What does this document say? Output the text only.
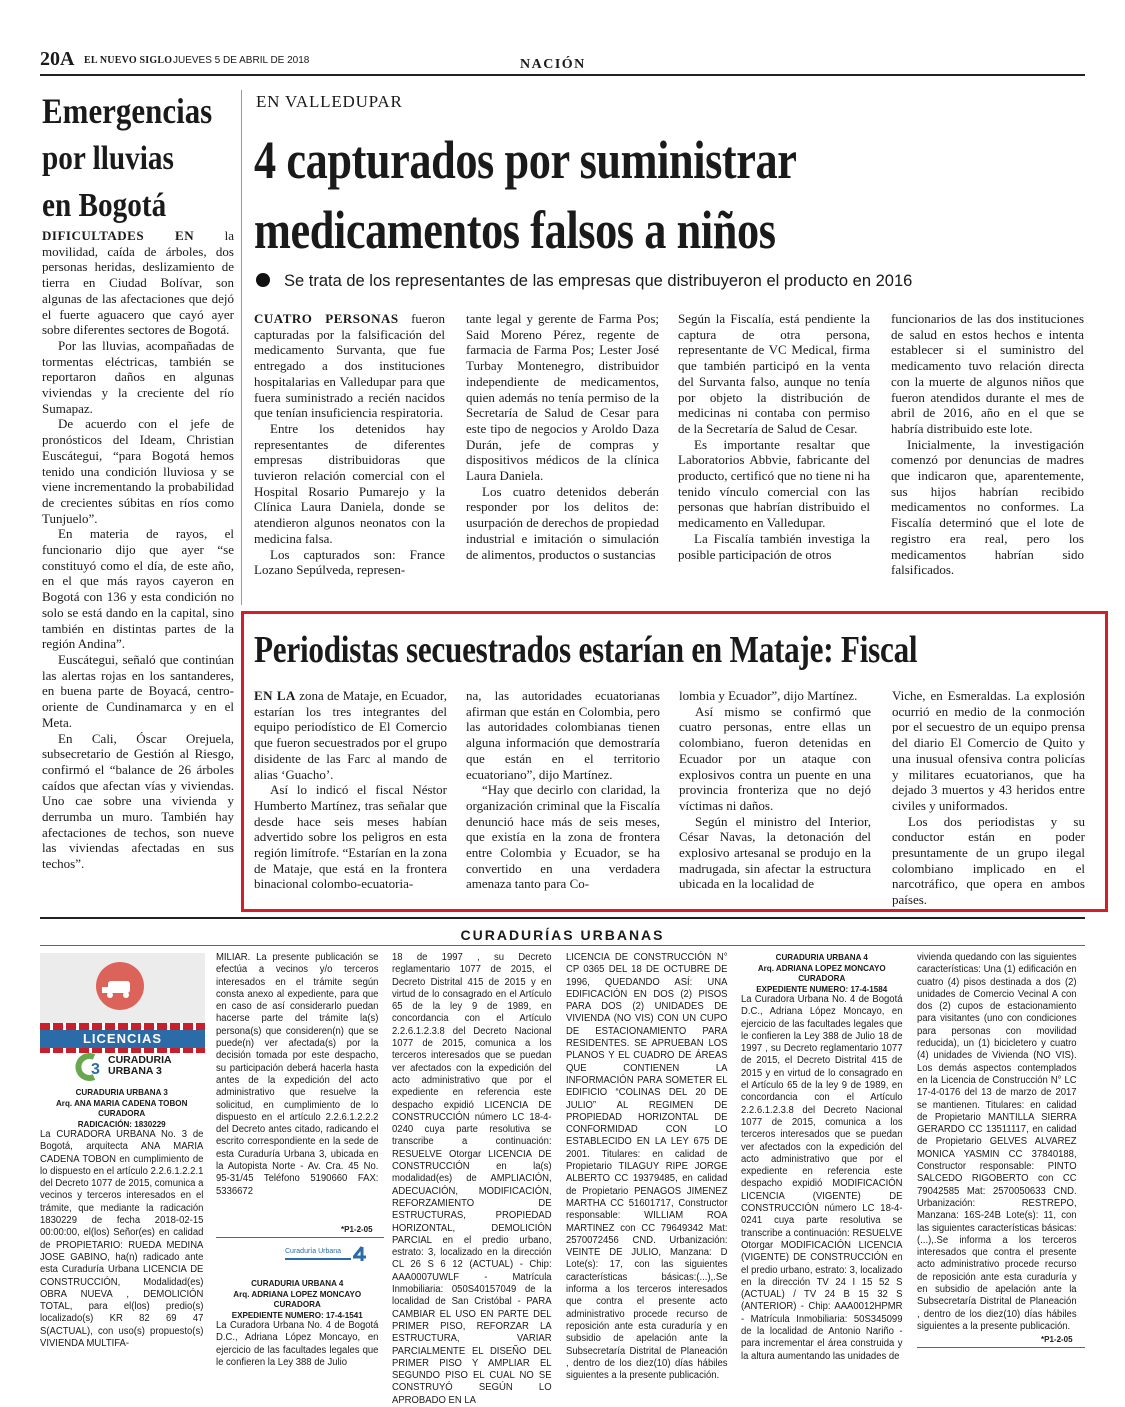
20A EL NUEVO SIGLO JUEVES 5 DE ABRIL DE 2018	NACIÓN
Emergencias
por lluvias
en Bogotá

DIFICULTADES EN la movilidad, caída de árboles, dos personas heridas, deslizamiento de tierra en Ciudad Bolívar, son algunas de las afectaciones que dejó el fuerte aguacero que cayó ayer sobre diferentes sectores de Bogotá.

Por las lluvias, acompañadas de tormentas eléctricas, también se reportaron daños en algunas viviendas y la creciente del río Sumapaz.

De acuerdo con el jefe de pronósticos del Ideam, Christian Euscátegui, “para Bogotá hemos tenido una condición lluviosa y se viene incrementando la probabilidad de crecientes súbitas en ríos como Tunjuelo”.

En materia de rayos, el funcionario dijo que ayer “se constituyó como el día, de este año, en el que más rayos cayeron en Bogotá con 136 y esta condición no solo se está dando en la capital, sino también en distintas partes de la región Andina”.

Euscátegui, señaló que continúan las alertas rojas en los santanderes, en buena parte de Boyacá, centro-oriente de Cundinamarca y en el Meta.

En Cali, Óscar Orejuela, subsecretario de Gestión al Riesgo, confirmó el “balance de 26 árboles caídos que afectan vías y viviendas. Uno cae sobre una vivienda y derrumba un muro. También hay afectaciones de techos, son nueve las viviendas afectadas en sus techos”.

EN VALLEDUPAR
4 capturados por suministrar
medicamentos falsos a niños
Se trata de los representantes de las empresas que distribuyeron el producto en 2016

CUATRO PERSONAS fueron capturadas por la falsificación del medicamento Survanta, que fue entregado a dos instituciones hospitalarias en Valledupar para que fuera suministrado a recién nacidos que tenían insuficiencia respiratoria.

Entre los detenidos hay representantes de diferentes empresas distribuidoras que tuvieron relación comercial con el Hospital Rosario Pumarejo y la Clínica Laura Daniela, donde se atendieron algunos neonatos con la medicina falsa.

Los capturados son: France Lozano Sepúlveda, represen-

tante legal y gerente de Farma Pos; Said Moreno Pérez, regente de farmacia de Farma Pos; Lester José Turbay Montenegro, distribuidor independiente de medicamentos, quien además no tenía permiso de la Secretaría de Salud de Cesar para este tipo de negocios y Aroldo Daza Durán, jefe de compras y dispositivos médicos de la clínica Laura Daniela.

Los cuatro detenidos deberán responder por los delitos de: usurpación de derechos de propiedad industrial e imitación o simulación de alimentos, productos o sustancias

Según la Fiscalía, está pendiente la captura de otra persona, representante de VC Medical, firma que también participó en la venta del Survanta falso, aunque no tenía por objeto la distribución de medicinas ni contaba con permiso de la Secretaría de Salud de Cesar.

Es importante resaltar que Laboratorios Abbvie, fabricante del producto, certificó que no tiene ni ha tenido vínculo comercial con las personas que habrían distribuido el medicamento en Valledupar.

La Fiscalía también investiga la posible participación de otros

funcionarios de las dos instituciones de salud en estos hechos e intenta establecer si el suministro del medicamento tuvo relación directa con la muerte de algunos niños que fueron atendidos durante el mes de abril de 2016, año en el que se habría distribuido este lote.

Inicialmente, la investigación comenzó por denuncias de madres que indicaron que, aparentemente, sus hijos habrían recibido medicamentos no conformes. La Fiscalía determinó que el lote de registro era real, pero los medicamentos habrían sido falsificados.

Periodistas secuestrados estarían en Mataje: Fiscal

EN LA zona de Mataje, en Ecuador, estarían los tres integrantes del equipo periodístico de El Comercio que fueron secuestrados por el grupo disidente de las Farc al mando de alias ‘Guacho’.

Así lo indicó el fiscal Néstor Humberto Martínez, tras señalar que desde hace seis meses habían advertido sobre los peligros en esta región limítrofe. “Estarían en la zona de Mataje, que está en la frontera binacional colombo-ecuatoria-

na, las autoridades ecuatorianas afirman que están en Colombia, pero las autoridades colombianas tienen alguna información que demostraría que están en el territorio ecuatoriano”, dijo Martínez.

“Hay que decirlo con claridad, la organización criminal que la Fiscalía denunció hace más de seis meses, que existía en la zona de frontera entre Colombia y Ecuador, se ha convertido en una verdadera amenaza tanto para Co-

lombia y Ecuador”, dijo Martínez.

Así mismo se confirmó que cuatro personas, entre ellas un colombiano, fueron detenidas en Ecuador por un ataque con explosivos contra un puente en una provincia fronteriza que no dejó víctimas ni daños.

Según el ministro del Interior, César Navas, la detonación del explosivo artesanal se produjo en la madrugada, sin afectar la estructura ubicada en la localidad de

Viche, en Esmeraldas. La explosión ocurrió en medio de la conmoción por el secuestro de un equipo prensa del diario El Comercio de Quito y una inusual ofensiva contra policías y militares ecuatorianos, que ha dejado 3 muertos y 43 heridos entre civiles y uniformados.

Los dos periodistas y su conductor están en poder presuntamente de un grupo ilegal colombiano implicado en el narcotráfico, que opera en ambos países.

CURADURÍAS URBANAS
LICENCIAS
3
CURADURIA
URBANA 3
CURADURIA URBANA 3
Arq. ANA MARIA CADENA TOBON
CURADORA
RADICACIÓN: 1830229

La CURADORA URBANA No. 3 de Bogotá, arquitecta ANA MARIA CADENA TOBON en cumplimiento de lo dispuesto en el artículo 2.2.6.1.2.2.1 del Decreto 1077 de 2015, comunica a vecinos y terceros interesados en el trámite, que mediante la radicación 1830229 de fecha 2018-02-15 00:00:00, el(los) Señor(es) en calidad de PROPIETARIO: RUEDA MEDINA JOSE GABINO, ha(n) radicado ante esta Curaduría Urbana LICENCIA DE CONSTRUCCIÓN, Modalidad(es) OBRA NUEVA , DEMOLICIÓN TOTAL, para el(los) predio(s) localizado(s) KR 82 69 47 S(ACTUAL), con uso(s) propuesto(s) VIVIENDA MULTIFA-

MILIAR. La presente publicación se efectúa a vecinos y/o terceros interesados en el trámite según consta anexo al expediente, para que en caso de así considerarlo puedan hacerse parte del trámite la(s) persona(s) que consideren(n) que se puede(n) ver afectada(s) por la decisión tomada por este despacho, su participación deberá hacerla hasta antes de la expedición del acto administrativo que resuelve la solicitud, en cumplimiento de lo dispuesto en el artículo 2.2.6.1.2.2.2 del Decreto antes citado, radicando el escrito correspondiente en la sede de esta Curaduría Urbana 3, ubicada en la Autopista Norte - Av. Cra. 45 No. 95-31/45 Teléfono 5190660 FAX: 5336672

*P1-2-05
Curaduría Urbana
CURADURIA URBANA 4
Arq. ADRIANA LOPEZ MONCAYO
CURADORA
EXPEDIENTE NUMERO: 17-4-1541

La Curadora Urbana No. 4 de Bogotá D.C., Adriana López Moncayo, en ejercicio de las facultades legales que le confieren la Ley 388 de Julio

18 de 1997 , su Decreto reglamentario 1077 de 2015, el Decreto Distrital 415 de 2015 y en virtud de lo consagrado en el Artículo 65 de la ley 9 de 1989, en concordancia con el Artículo 2.2.6.1.2.3.8 del Decreto Nacional 1077 de 2015, comunica a los terceros interesados que se puedan ver afectados con la expedición del acto administrativo que por el expediente en referencia este despacho expidió LICENCIA DE CONSTRUCCIÓN número LC 18-4-0240 cuya parte resolutiva se transcribe a continuación: RESUELVE Otorgar LICENCIA DE CONSTRUCCIÓN en la(s) modalidad(es) de AMPLIACIÓN, ADECUACIÓN, MODIFICACIÓN, REFORZAMIENTO DE ESTRUCTURAS, PROPIEDAD HORIZONTAL, DEMOLICIÓN PARCIAL en el predio urbano, estrato: 3, localizado en la dirección CL 26 S 6 12 (ACTUAL) - Chip: AAA0007UWLF - Matrícula Inmobiliaria: 050S40157049 de la localidad de San Cristóbal - PARA CAMBIAR EL USO EN PARTE DEL PRIMER PISO, REFORZAR LA ESTRUCTURA, VARIAR PARCIALMENTE EL DISEÑO DEL PRIMER PISO Y AMPLIAR EL SEGUNDO PISO EL CUAL NO SE CONSTRUYÓ SEGÚN LO APROBADO EN LA

LICENCIA DE CONSTRUCCIÓN N° CP 0365 DEL 18 DE OCTUBRE DE 1996, QUEDANDO ASÍ: UNA EDIFICACIÓN EN DOS (2) PISOS PARA DOS (2) UNIDADES DE VIVIENDA (NO VIS) CON UN CUPO DE ESTACIONAMIENTO PARA RESIDENTES. SE APRUEBAN LOS PLANOS Y EL CUADRO DE ÁREAS QUE CONTIENEN LA INFORMACIÓN PARA SOMETER EL EDIFICIO “COLINAS DEL 20 DE JULIO” AL REGIMEN DE PROPIEDAD HORIZONTAL DE CONFORMIDAD CON LO ESTABLECIDO EN LA LEY 675 DE 2001. Titulares: en calidad de Propietario TILAGUY RIPE JORGE ALBERTO CC 19379485, en calidad de Propietario PENAGOS JIMENEZ MARTHA CC 51601717, Constructor responsable: WILLIAM ROA MARTINEZ con CC 79649342 Mat: 2570072456 CND. Urbanización: VEINTE DE JULIO, Manzana: D Lote(s): 17, con las siguientes características básicas:(...),.Se informa a los terceros interesados que contra el presente acto administrativo procede recurso de reposición ante esta curaduría y en subsidio de apelación ante la Subsecretaría Distrital de Planeación , dentro de los diez(10) días hábiles siguientes a la presente publicación.

CURADURIA URBANA 4
Arq. ADRIANA LOPEZ MONCAYO
CURADORA
EXPEDIENTE NUMERO: 17-4-1584

La Curadora Urbana No. 4 de Bogotá D.C., Adriana López Moncayo, en ejercicio de las facultades legales que le confieren la Ley 388 de Julio 18 de 1997 , su Decreto reglamentario 1077 de 2015, el Decreto Distrital 415 de 2015 y en virtud de lo consagrado en el Artículo 65 de la ley 9 de 1989, en concordancia con el Artículo 2.2.6.1.2.3.8 del Decreto Nacional 1077 de 2015, comunica a los terceros interesados que se puedan ver afectados con la expedición del acto administrativo que por el expediente en referencia este despacho expidió MODIFICACIÓN LICENCIA (VIGENTE) DE CONSTRUCCIÓN número LC 18-4-0241 cuya parte resolutiva se transcribe a continuación: RESUELVE Otorgar MODIFICACIÓN LICENCIA (VIGENTE) DE CONSTRUCCIÓN en el predio urbano, estrato: 3, localizado en la dirección TV 24 I 15 52 S (ACTUAL) / TV 24 B 15 32 S (ANTERIOR) - Chip: AAA0012HPMR - Matrícula Inmobiliaria: 50S345099 de la localidad de Antonio Nariño - para incrementar el área construida y la altura aumentando las unidades de

vivienda quedando con las siguientes características: Una (1) edificación en cuatro (4) pisos destinada a dos (2) unidades de Comercio Vecinal A con dos (2) cupos de estacionamiento para visitantes (uno con condiciones para personas con movilidad reducida), un (1) bicicletero y cuatro (4) unidades de Vivienda (NO VIS). Los demás aspectos contemplados en la Licencia de Construcción N° LC 17-4-0176 del 13 de marzo de 2017 se mantienen. Titulares: en calidad de Propietario MANTILLA SIERRA GERARDO CC 13511117, en calidad de Propietario GELVES ALVAREZ MONICA YASMIN CC 37840188, Constructor responsable: PINTO SALCEDO RIGOBERTO con CC 79042585 Mat: 2570050633 CND. Urbanización: RESTREPO, Manzana: 16S-24B Lote(s): 11, con las siguientes características básicas:(...),.Se informa a los terceros interesados que contra el presente acto administrativo procede recurso de reposición ante esta curaduría y en subsidio de apelación ante la Subsecretaría Distrital de Planeación , dentro de los diez(10) días hábiles siguientes a la presente publicación.

*P1-2-05
